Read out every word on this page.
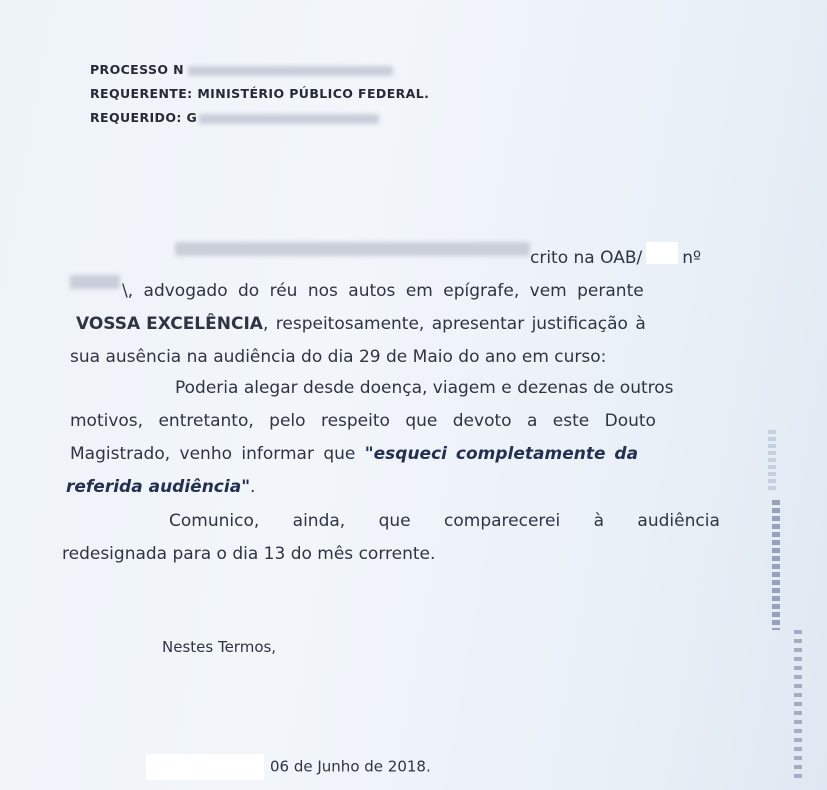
PROCESSO N
REQUERENTE: MINISTÉRIO PÚBLICO FEDERAL.
REQUERIDO: G
crito na OAB/ nº
\, advogado do réu nos autos em epígrafe, vem perante
VOSSA EXCELÊNCIA , respeitosamente, apresentar justificação à
sua ausência na audiência do dia 29 de Maio do ano em curso:
Poderia alegar desde doença, viagem e dezenas de outros
motivos, entretanto, pelo respeito que devoto a este Douto
Magistrado, venho informar que "esqueci completamente da
referida audiência" .
Comunico, ainda, que comparecerei à audiência
redesignada para o dia 13 do mês corrente.
Nestes Termos,
06 de Junho de 2018.
